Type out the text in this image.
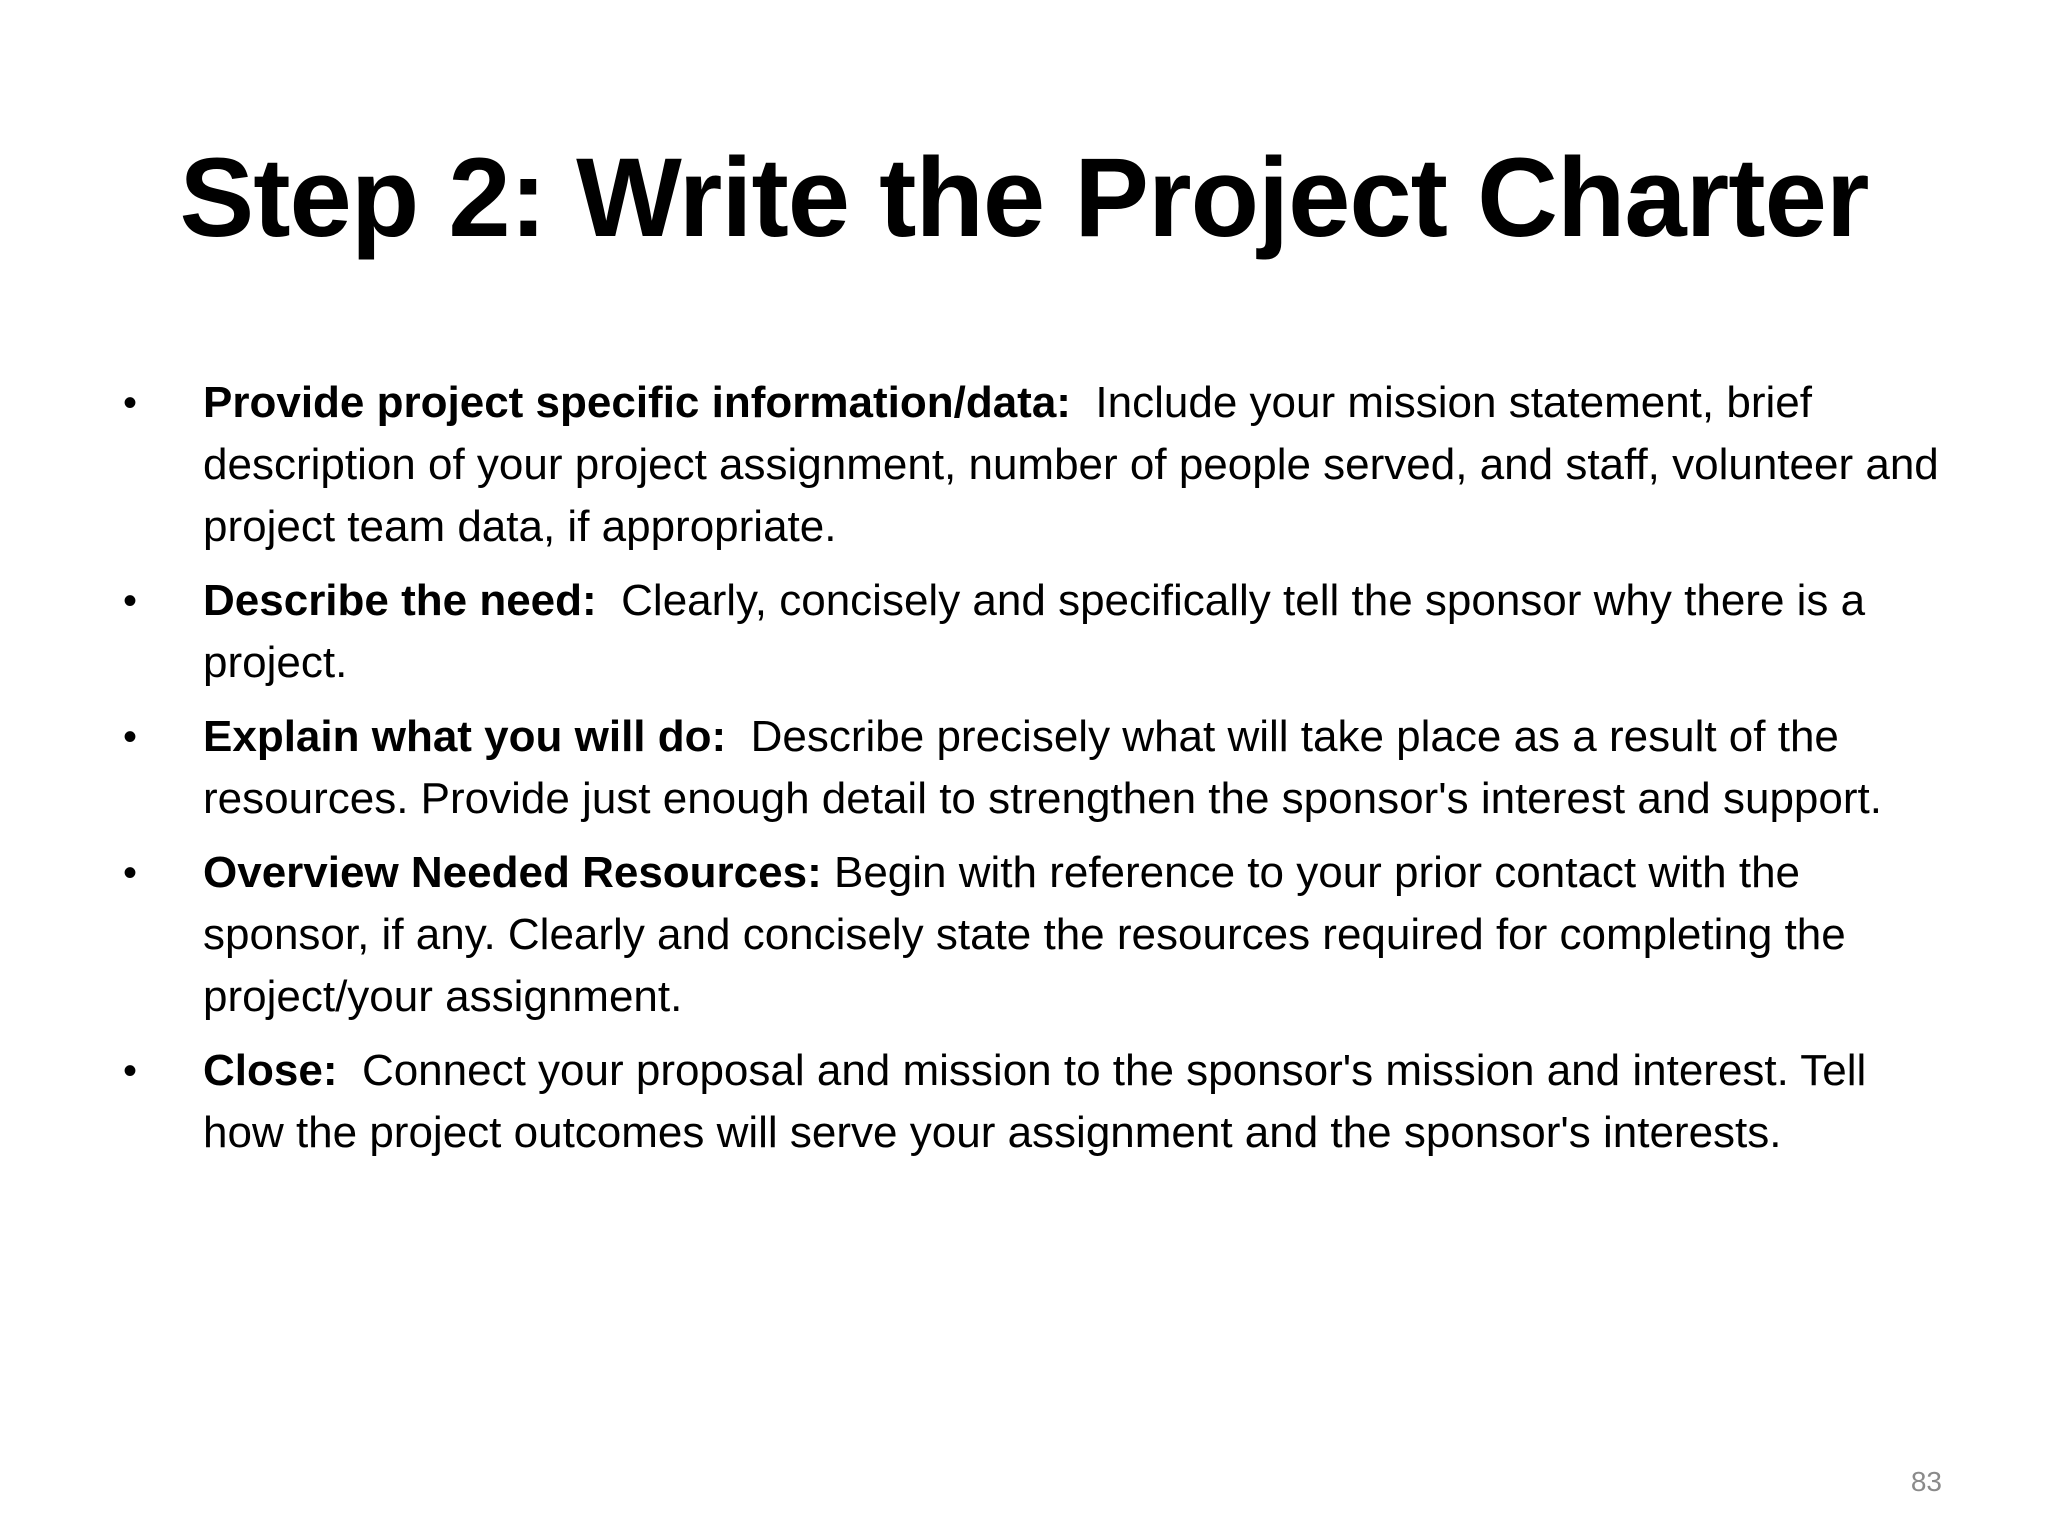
Step 2: Write the Project Charter
• Provide project specific information/data: Include your mission statement, brief description of your project assignment, number of people served, and staff, volunteer and project team data, if appropriate.
• Describe the need: Clearly, concisely and specifically tell the sponsor why there is a project.
• Explain what you will do: Describe precisely what will take place as a result of the resources. Provide just enough detail to strengthen the sponsor's interest and support.
• Overview Needed Resources: Begin with reference to your prior contact with the sponsor, if any. Clearly and concisely state the resources required for completing the project/your assignment.
• Close: Connect your proposal and mission to the sponsor's mission and interest. Tell how the project outcomes will serve your assignment and the sponsor's interests.
83
